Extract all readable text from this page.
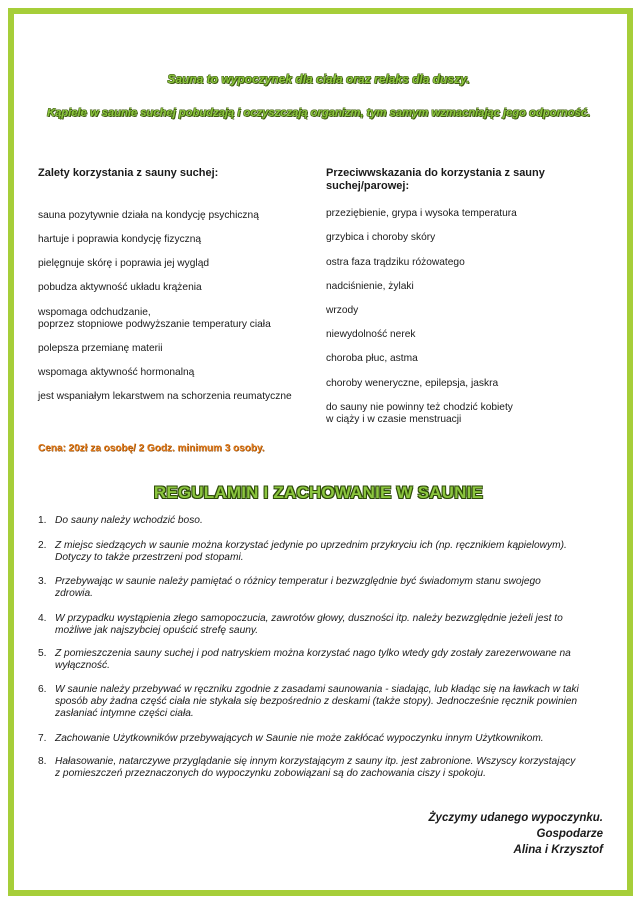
Sauna to wypoczynek dla ciała oraz relaks dla duszy.
Kąpiele w saunie suchej pobudzają i oczyszczają organizm, tym samym wzmacniając jego odporność.
Zalety korzystania z sauny suchej:
sauna pozytywnie działa na kondycję psychiczną
hartuje i poprawia kondycję fizyczną
pielęgnuje skórę i poprawia jej wygląd
pobudza aktywność układu krążenia
wspomaga odchudzanie,
poprzez stopniowe podwyższanie temperatury ciała
polepsza przemianę materii
wspomaga aktywność hormonalną
jest wspaniałym lekarstwem na schorzenia reumatyczne
Przeciwwskazania do korzystania z sauny suchej/parowej:
przeziębienie, grypa i wysoka temperatura
grzybica i choroby skóry
ostra faza trądziku różowatego
nadciśnienie, żylaki
wrzody
niewydolność nerek
choroba płuc, astma
choroby weneryczne, epilepsja, jaskra
do sauny nie powinny też chodzić kobiety
w ciąży i w czasie menstruacji
Cena: 20zł za osobę/ 2 Godz. minimum 3 osoby.
REGULAMIN I ZACHOWANIE W SAUNIE
1. Do sauny należy wchodzić boso.
2. Z miejsc siedzących w saunie można korzystać jedynie po uprzednim przykryciu ich (np. ręcznikiem kąpielowym).
Dotyczy to także przestrzeni pod stopami.
3. Przebywając w saunie należy pamiętać o różnicy temperatur i bezwzględnie być świadomym stanu swojego
zdrowia.
4. W przypadku wystąpienia złego samopoczucia, zawrotów głowy, duszności itp. należy bezwzględnie jeżeli jest to
możliwe jak najszybciej opuścić strefę sauny.
5. Z pomieszczenia sauny suchej i pod natryskiem można korzystać nago tylko wtedy gdy zostały zarezerwowane na
wyłączność.
6. W saunie należy przebywać w ręczniku zgodnie z zasadami saunowania - siadając, lub kładąc się na ławkach w taki
sposób aby żadna część ciała nie stykała się bezpośrednio z deskami (także stopy). Jednocześnie ręcznik powinien
zasłaniać intymne części ciała.
7. Zachowanie Użytkowników przebywających w Saunie nie może zakłócać wypoczynku innym Użytkownikom.
8. Hałasowanie, natarczywe przyglądanie się innym korzystającym z sauny itp. jest zabronione. Wszyscy korzystający
z pomieszczeń przeznaczonych do wypoczynku zobowiązani są do zachowania ciszy i spokoju.
Życzymy udanego wypoczynku.
Gospodarze
Alina i Krzysztof
